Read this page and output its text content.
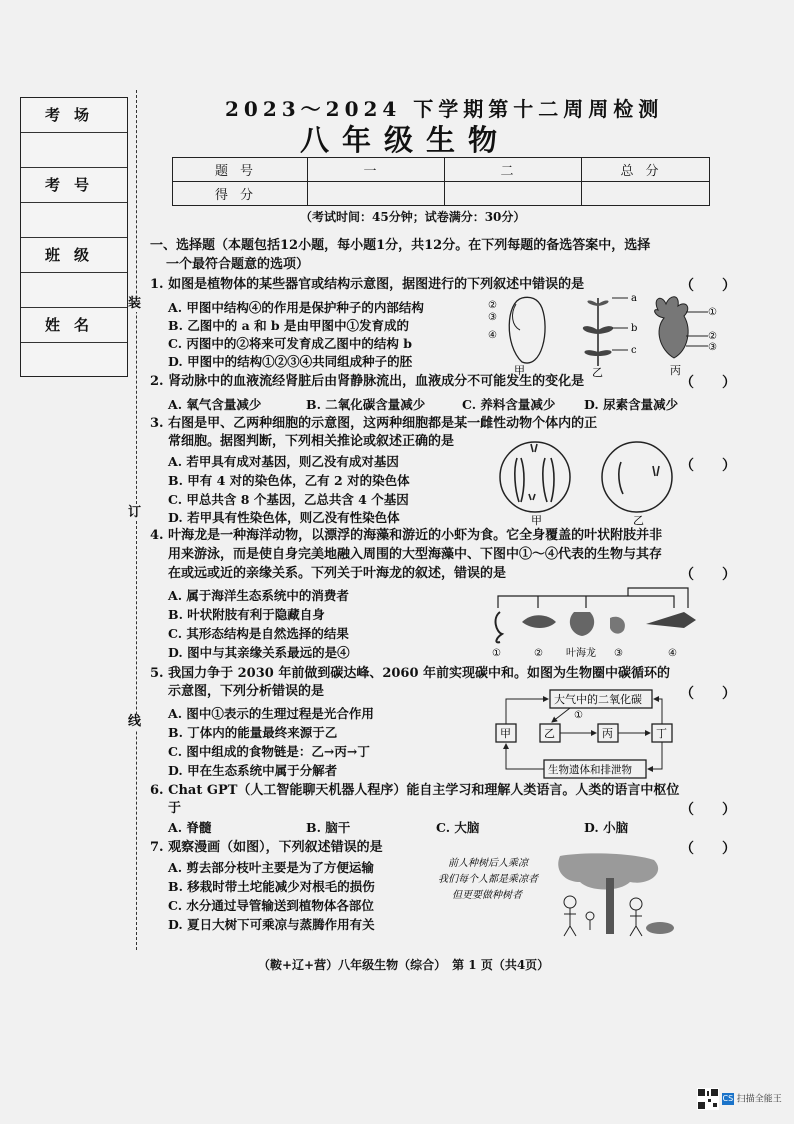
考场
考号
班级
姓名
装
订
线
2023～2024 下学期第十二周周检测
八年级生物
题号	一	二	总分
得分			
（考试时间：45分钟；试卷满分：30分）
一、选择题（本题包括12小题，每小题1分，共12分。在下列每题的备选答案中，选择
一个最符合题意的选项）
1. 如图是植物体的某些器官或结构示意图，据图进行的下列叙述中错误的是	（　　）
A. 甲图中结构④的作用是保护种子的内部结构
B. 乙图中的 a 和 b 是由甲图中①发育成的
C. 丙图中的②将来可发育成乙图中的结构 b
D. 甲图中的结构①②③④共同组成种子的胚
②
④
③
甲
a
b
c
乙
①
②
③
丙
2. 肾动脉中的血液流经肾脏后由肾静脉流出，血液成分不可能发生的变化是	（　　）
A. 氧气含量减少	B. 二氧化碳含量减少	C. 养料含量减少 D. 尿素含量减少
3. 右图是甲、乙两种细胞的示意图，这两种细胞都是某一雌性动物个体内的正
常细胞。据图判断，下列相关推论或叙述正确的是
（　　）
A. 若甲具有成对基因，则乙没有成对基因
B. 甲有 4 对的染色体，乙有 2 对的染色体
C. 甲总共含 8 个基因，乙总共含 4 个基因
D. 若甲具有性染色体，则乙没有性染色体	甲	乙
4. 叶海龙是一种海洋动物，以漂浮的海藻和游近的小虾为食。它全身覆盖的叶状附肢并非
用来游泳，而是使自身完美地融入周围的大型海藻中、下图中①～④代表的生物与其存
在或远或近的亲缘关系。下列关于叶海龙的叙述，错误的是	（　　）
A. 属于海洋生态系统中的消费者
B. 叶状附肢有利于隐藏自身
C. 其形态结构是自然选择的结果
D. 图中与其亲缘关系最远的是④	①	② 叶海龙 ③	④
5. 我国力争于 2030 年前做到碳达峰、2060 年前实现碳中和。如图为生物圈中碳循环的
示意图，下列分析错误的是	（　　）
A. 图中①表示的生理过程是光合作用
B. 丁体内的能量最终来源于乙
C. 图中组成的食物链是：乙→丙→丁
D. 甲在生态系统中属于分解者
大气中的二氧化碳
甲	乙	丙	丁
①
生物遗体和排泄物
6. Chat GPT（人工智能聊天机器人程序）能自主学习和理解人类语言。人类的语言中枢位
于	（　　）
A. 脊髓	B. 脑干	C. 大脑	D. 小脑
7. 观察漫画（如图），下列叙述错误的是	（　　）
A. 剪去部分枝叶主要是为了方便运输
B. 移栽时带土坨能减少对根毛的损伤
C. 水分通过导管输送到植物体各部位
D. 夏日大树下可乘凉与蒸腾作用有关
前人种树后人乘凉
我们每个人都是乘凉者
但更要做种树者
（鞍+辽+营）八年级生物（综合）　第 1 页（共4页）
CS 扫描全能王
